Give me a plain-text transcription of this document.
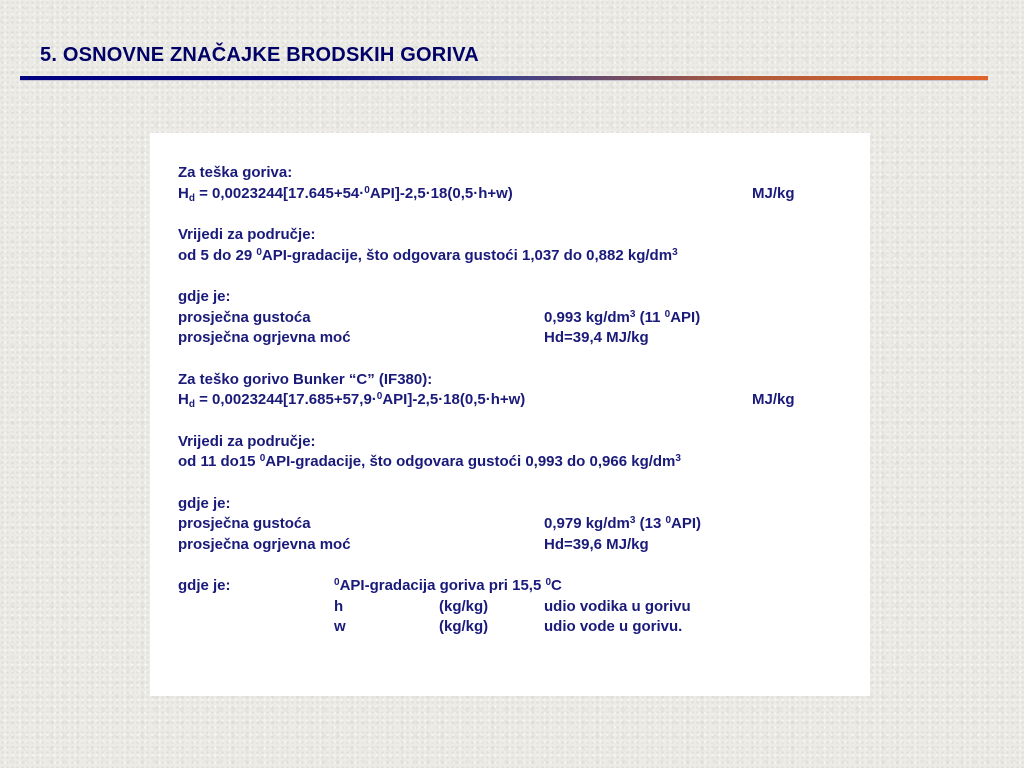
5. OSNOVNE ZNAČAJKE BRODSKIH GORIVA
Za teška goriva:
$H_d = 0,0023244[17.645+54\cdot^0API]-2,5\cdot 18(0,5\cdot h+w)$	MJ/kg
Vrijedi za područje:
od 5 do 29 $^0$API-gradacije, što odgovara gustoći 1,037 do 0,882 $kg/dm^3$
gdje je:
prosječna gustoća	0,993 $kg/dm^3$ (11 $^0$API)
prosječna ogrjevna moć	Hd=39,4 MJ/kg
Za teško gorivo Bunker “C” (IF380):
$H_d = 0,0023244[17.685+57,9\cdot^0API]-2,5\cdot 18(0,5\cdot h+w)$	MJ/kg
Vrijedi za područje:
od 11 do15 $^0$API-gradacije, što odgovara gustoći 0,993 do 0,966 $kg/dm^3$
gdje je:
prosječna gustoća	0,979 $kg/dm^3$ (13 $^0$API)
prosječna ogrjevna moć	Hd=39,6 MJ/kg
gdje je:	$^0$API-gradacija goriva pri 15,5 $^0$C
h	(kg/kg)	udio vodika u gorivu
w	(kg/kg)	udio vode u gorivu.
